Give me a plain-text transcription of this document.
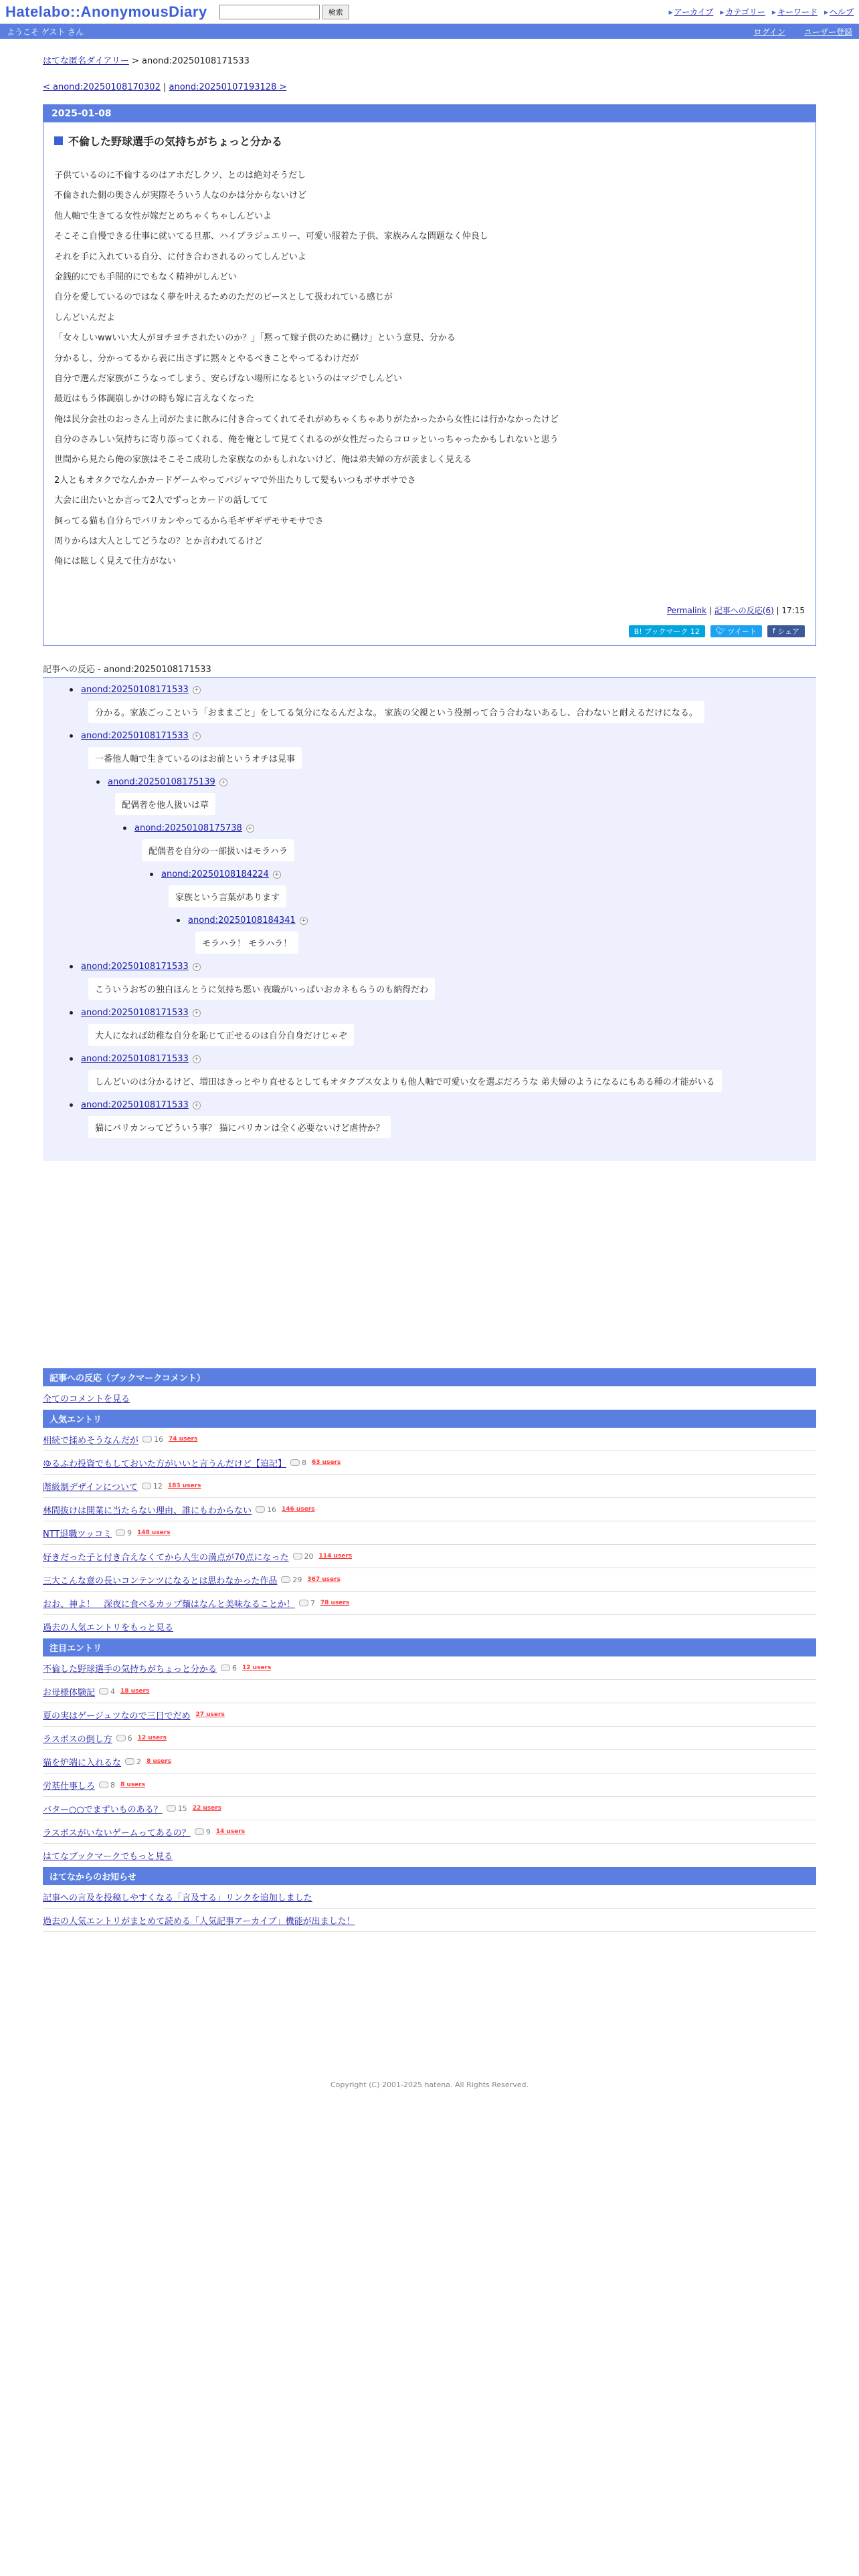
Hatelabo::AnonymousDiary	検索	▸ アーカイブ	▸ カテゴリー	▸ キーワード	▸ ヘルプ
ようこそ ゲスト さん	ログイン ユーザー登録
はてな匿名ダイアリー > anond:20250108171533
< anond:20250108170302 | anond:20250107193128 >
2025-01-08
不倫した野球選手の気持ちがちょっと分かる

子供ているのに不倫するのはアホだしクソ、とのは絶対そうだし

不倫された側の奥さんが実際そういう人なのかは分からないけど

他人軸で生きてる女性が嫁だとめちゃくちゃしんどいよ

そこそこ自慢できる仕事に就いてる旦那、ハイブラジュエリー、可愛い服着た子供、家族みんな問題なく仲良し

それを手に入れている自分、に付き合わされるのってしんどいよ

金銭的にでも手間的にでもなく精神がしんどい

自分を愛しているのではなく夢を叶えるためのただのピースとして扱われている感じが

しんどいんだよ

「女々しいwwいい大人がヨチヨチされたいのか？」「黙って嫁子供のために働け」という意見、分かる

分かるし、分かってるから表に出さずに黙々とやるべきことやってるわけだが

自分で選んだ家族がこうなってしまう、安らげない場所になるというのはマジでしんどい

最近はもう体調崩しかけの時も嫁に言えなくなった

俺は民分会社のおっさん上司がたまに飲みに付き合ってくれてそれがめちゃくちゃありがたかったから女性には行かなかったけど

自分のさみしい気持ちに寄り添ってくれる、俺を俺として見てくれるのが女性だったらコロッといっちゃったかもしれないと思う

世間から見たら俺の家族はそこそこ成功した家族なのかもしれないけど、俺は弟夫婦の方が羨ましく見える

2人ともオタクでなんかカードゲームやってパジャマで外出たりして髪もいつもボサボサでさ

大会に出たいとか言って2人でずっとカードの話してて

飼ってる猫も自分らでバリカンやってるから毛ギザギザモサモサでさ

周りからは大人としてどうなの？とか言われてるけど

俺には眩しく見えて仕方がない

Permalink | 記事への反応(6) | 17:15
B! ブックマーク 12	🐦︎ ツイート f シェア
記事への反応 - anond:20250108171533
anond:20250108171533 +
分かる。家族ごっこという「おままごと」をしてる気分になるんだよな。 家族の父親という役割って合う合わないあるし、合わないと耐えるだけになる。
anond:20250108171533 +
一番他人軸で生きているのはお前というオチは見事
anond:20250108175139 +
配偶者を他人扱いは草
anond:20250108175738 +
配偶者を自分の一部扱いはモラハラ
anond:20250108184224 +
家族という言葉があります
anond:20250108184341 +
モラハラ！ モラハラ！
anond:20250108171533 +
こういうおぢの独白ほんとうに気持ち悪い 夜職がいっぱいおカネもらうのも納得だわ
anond:20250108171533 +
大人になれば幼稚な自分を恥じて正せるのは自分自身だけじゃぞ
anond:20250108171533 +
しんどいのは分かるけど、増田はきっとやり直せるとしてもオタクブス女よりも他人軸で可愛い女を選ぶだろうな 弟夫婦のようになるにもある種の才能がいる
anond:20250108171533 +
猫にバリカンってどういう事？ 猫にバリカンは全く必要ないけど虐待か？
記事への反応（ブックマークコメント）
全てのコメントを見る
人気エントリ
相続で揉めそうなんだが 16 74 users
ゆるふわ投資でもしておいた方がいいと言うんだけど【追記】 8 63 users
階級制デザインについて 12 183 users
林間抜けは開業に当たらない理由、誰にもわからない 16 146 users
NTT退職ツッコミ 9 148 users
好きだった子と付き合えなくてから人生の満点が70点になった 20 114 users
三大こんな意の長いコンテンツになるとは思わなかった作品 29 367 users
おお、神よ！　深夜に食べるカップ麺はなんと美味なることか！ 7 78 users
過去の人気エントリをもっと見る
注目エントリ
不倫した野球選手の気持ちがちょっと分かる 6 12 users
お母様体験記 4 18 users
夏の実はゲージュツなので三日でだめ 27 users
ラスボスの倒し方 6 12 users
猫を炉端に入れるな 2 8 users
労基仕事しろ 8 8 users
バター○○でまずいものある？ 15 22 users
ラスボスがいないゲームってあるの？ 9 14 users
はてなブックマークでもっと見る
はてなからのお知らせ
記事への言及を投稿しやすくなる「言及する」リンクを追加しました
過去の人気エントリがまとめて読める「人気記事アーカイブ」機能が出ました！
Copyright (C) 2001-2025 hatena. All Rights Reserved.
